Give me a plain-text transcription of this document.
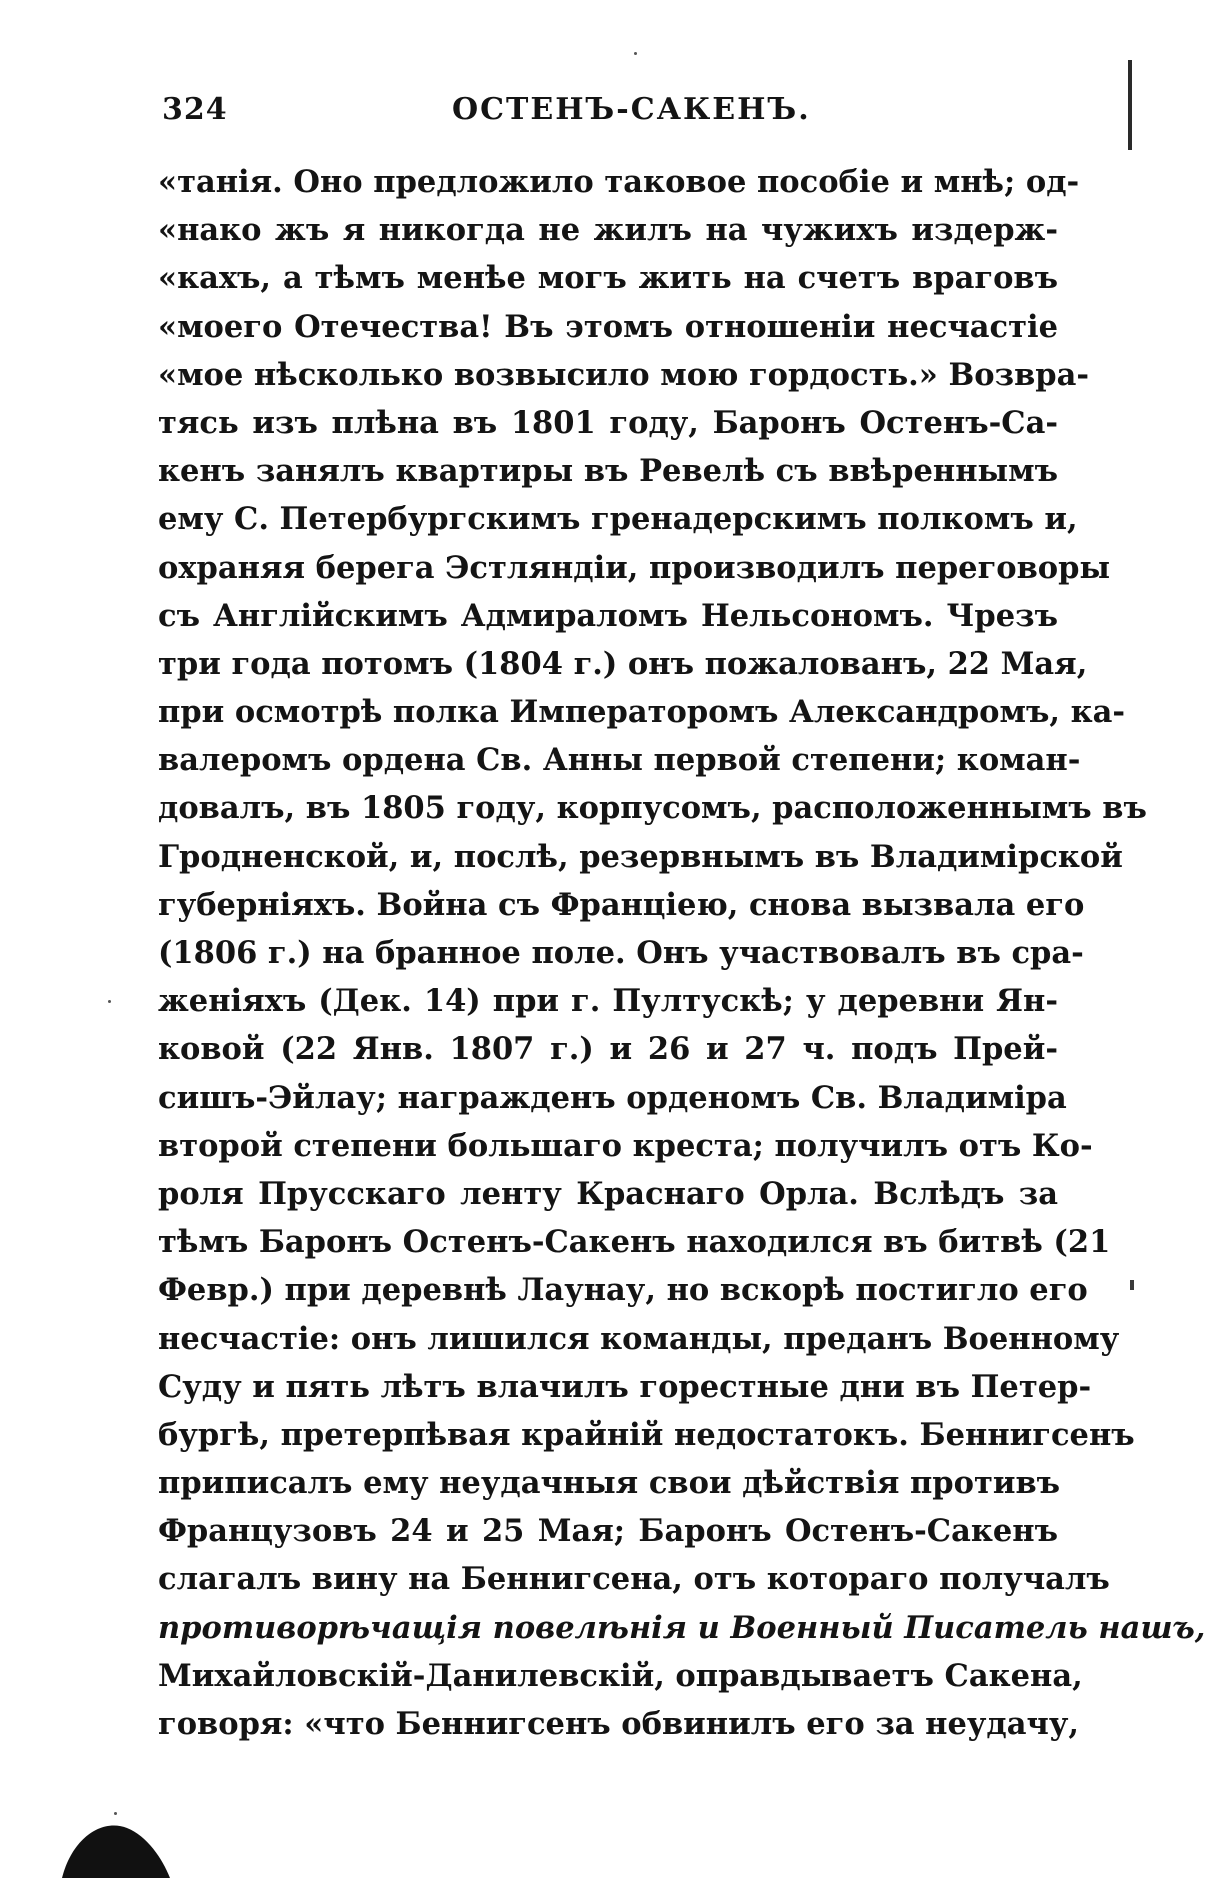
324	ОСТЕНЪ-САКЕНЪ.
«танія. Оно предложило таковое пособіе и мнѣ; од-
«нако жъ я никогда не жилъ на чужихъ издерж-
«кахъ, а тѣмъ менѣе могъ жить на счетъ враговъ
«моего Отечества! Въ этомъ отношеніи несчастіе
«мое нѣсколько возвысило мою гордость.» Возвра-
тясь изъ плѣна въ 1801 году, Баронъ Остенъ-Са-
кенъ занялъ квартиры въ Ревелѣ съ ввѣреннымъ
ему С. Петербургскимъ гренадерскимъ полкомъ и,
охраняя берега Эстляндіи, производилъ переговоры
съ Англійскимъ Адмираломъ Нельсономъ. Чрезъ
три года потомъ (1804 г.) онъ пожалованъ, 22 Мая,
при осмотрѣ полка Императоромъ Александромъ, ка-
валеромъ ордена Св. Анны первой степени; коман-
довалъ, въ 1805 году, корпусомъ, расположеннымъ въ
Гродненской, и, послѣ, резервнымъ въ Владимірской
губерніяхъ. Война съ Франціею, снова вызвала его
(1806 г.) на бранное поле. Онъ участвовалъ въ сра-
женіяхъ (Дек. 14) при г. Пултускѣ; у деревни Ян-
ковой (22 Янв. 1807 г.) и 26 и 27 ч. подъ Прей-
сишъ-Эйлау; награжденъ орденомъ Св. Владиміра
второй степени большаго креста; получилъ отъ Ко-
роля Прусскаго ленту Краснаго Орла. Вслѣдъ за
тѣмъ Баронъ Остенъ-Сакенъ находился въ битвѣ (21
Февр.) при деревнѣ Лаунау, но вскорѣ постигло его
несчастіе: онъ лишился команды, преданъ Военному
Суду и пять лѣтъ влачилъ горестные дни въ Петер-
бургѣ, претерпѣвая крайній недостатокъ. Беннигсенъ
приписалъ ему неудачныя свои дѣйствія противъ
Французовъ 24 и 25 Мая; Баронъ Остенъ-Сакенъ
слагалъ вину на Беннигсена, отъ котораго получалъ
противорѣчащія повелѣнія и Военный Писатель нашъ,
Михайловскій-Данилевскій, оправдываетъ Сакена,
говоря: «что Беннигсенъ обвинилъ его за неудачу,
